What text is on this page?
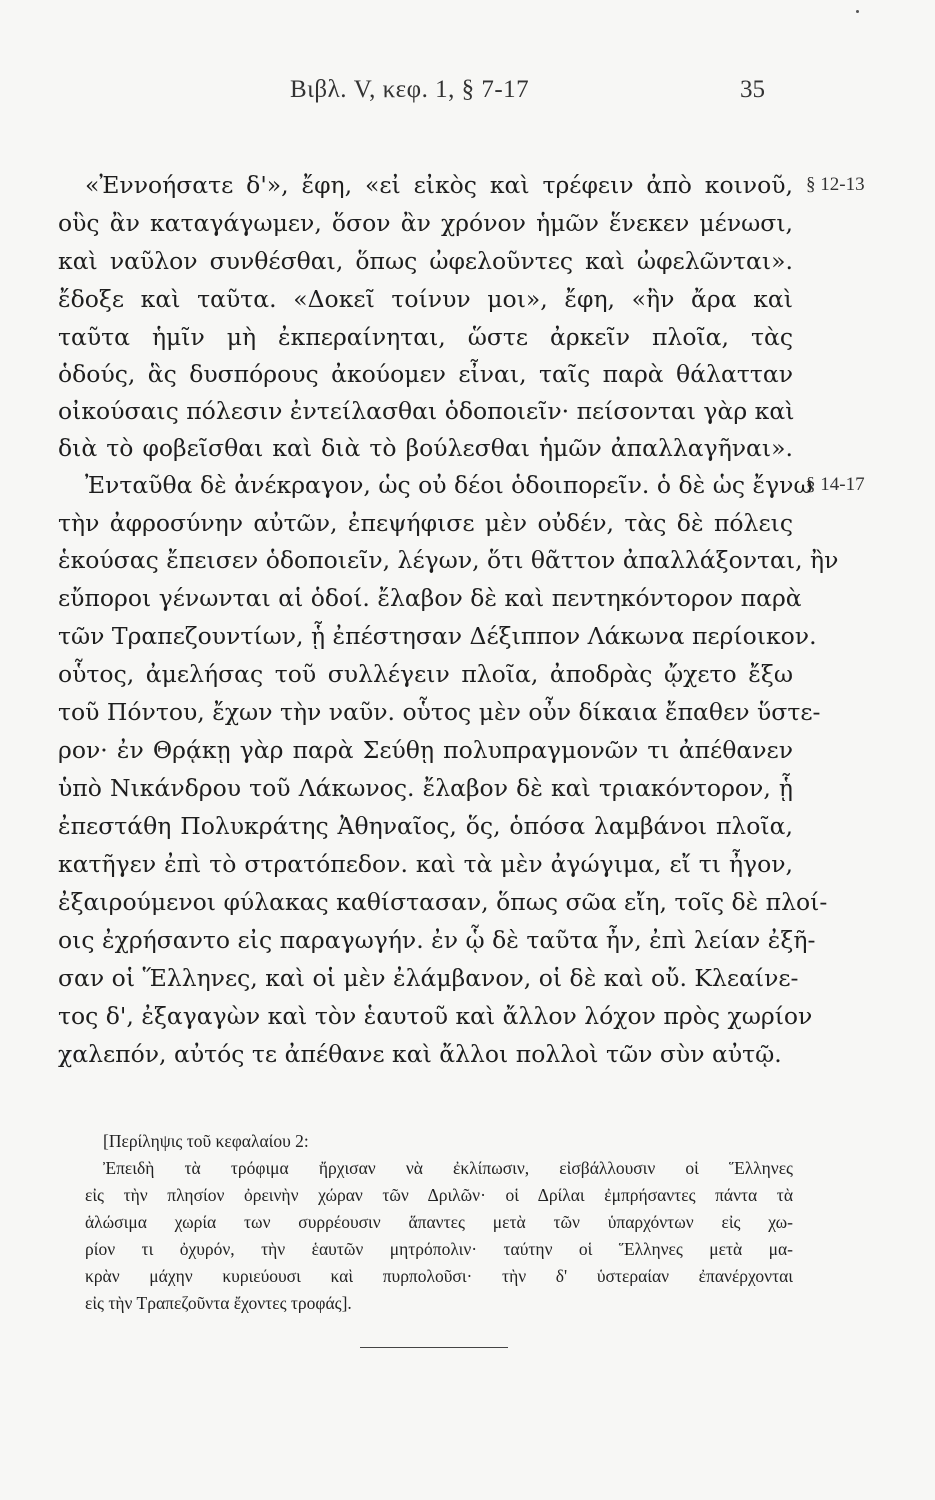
Βιβλ. V, κεφ. 1, § 7-17	35
§ 12-13
§ 14-17
«Ἐννοήσατε δ'», ἔφη, «εἰ εἰκὸς καὶ τρέφειν ἀπὸ κοινοῦ,
οὓς ἂν καταγάγωμεν, ὅσον ἂν χρόνον ἡμῶν ἕνεκεν μένωσι,
καὶ ναῦλον συνθέσθαι, ὅπως ὠφελοῦντες καὶ ὠφελῶνται».
ἔδοξε καὶ ταῦτα. «Δοκεῖ τοίνυν μοι», ἔφη, «ἢν ἄρα καὶ
ταῦτα ἡμῖν μὴ ἐκπεραίνηται, ὥστε ἀρκεῖν πλοῖα, τὰς
ὁδούς, ἃς δυσπόρους ἀκούομεν εἶναι, ταῖς παρὰ θάλατταν
οἰκούσαις πόλεσιν ἐντείλασθαι ὁδοποιεῖν· πείσονται γὰρ καὶ
διὰ τὸ φοβεῖσθαι καὶ διὰ τὸ βούλεσθαι ἡμῶν ἀπαλλαγῆναι».
Ἐνταῦθα δὲ ἀνέκραγον, ὡς οὐ δέοι ὁδοιπορεῖν. ὁ δὲ ὡς ἔγνω
τὴν ἀφροσύνην αὐτῶν, ἐπεψήφισε μὲν οὐδέν, τὰς δὲ πόλεις
ἑκούσας ἔπεισεν ὁδοποιεῖν, λέγων, ὅτι θᾶττον ἀπαλλάξονται, ἢν
εὔποροι γένωνται αἱ ὁδοί. ἔλαβον δὲ καὶ πεντηκόντορον παρὰ
τῶν Τραπεζουντίων, ᾗ ἐπέστησαν Δέξιππον Λάκωνα περίοικον.
οὗτος, ἀμελήσας τοῦ συλλέγειν πλοῖα, ἀποδρὰς ᾤχετο ἔξω
τοῦ Πόντου, ἔχων τὴν ναῦν. οὗτος μὲν οὖν δίκαια ἔπαθεν ὕστε-
ρον· ἐν Θρᾴκῃ γὰρ παρὰ Σεύθῃ πολυπραγμονῶν τι ἀπέθανεν
ὑπὸ Νικάνδρου τοῦ Λάκωνος. ἔλαβον δὲ καὶ τριακόντορον, ᾗ
ἐπεστάθη Πολυκράτης Ἀθηναῖος, ὅς, ὁπόσα λαμβάνοι πλοῖα,
κατῆγεν ἐπὶ τὸ στρατόπεδον. καὶ τὰ μὲν ἀγώγιμα, εἴ τι ἦγον,
ἐξαιρούμενοι φύλακας καθίστασαν, ὅπως σῶα εἴη, τοῖς δὲ πλοί-
οις ἐχρήσαντο εἰς παραγωγήν. ἐν ᾧ δὲ ταῦτα ἦν, ἐπὶ λείαν ἐξῆ-
σαν οἱ Ἕλληνες, καὶ οἱ μὲν ἐλάμβανον, οἱ δὲ καὶ οὔ. Κλεαίνε-
τος δ', ἐξαγαγὼν καὶ τὸν ἑαυτοῦ καὶ ἄλλον λόχον πρὸς χωρίον
χαλεπόν, αὐτός τε ἀπέθανε καὶ ἄλλοι πολλοὶ τῶν σὺν αὐτῷ.
[Περίληψις τοῦ κεφαλαίου 2:
Ἐπειδὴ τὰ τρόφιμα ἤρχισαν νὰ ἐκλίπωσιν, εἰσβάλλουσιν οἱ Ἕλληνες
εἰς τὴν πλησίον ὀρεινὴν χώραν τῶν Δριλῶν· οἱ Δρίλαι ἐμπρήσαντες πάντα τὰ
ἁλώσιμα χωρία των συρρέουσιν ἅπαντες μετὰ τῶν ὑπαρχόντων εἰς χω-
ρίον τι ὀχυρόν, τὴν ἑαυτῶν μητρόπολιν· ταύτην οἱ Ἕλληνες μετὰ μα-
κρὰν μάχην κυριεύουσι καὶ πυρπολοῦσι· τὴν δ' ὑστεραίαν ἐπανέρχονται
εἰς τὴν Τραπεζοῦντα ἔχοντες τροφάς].
